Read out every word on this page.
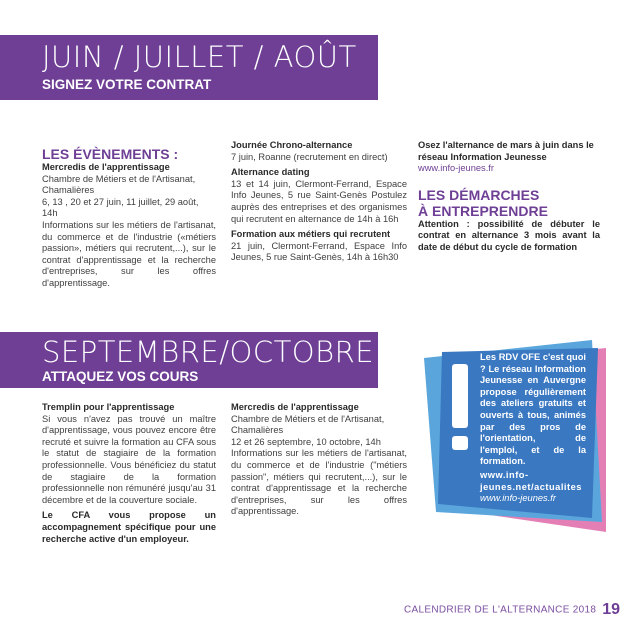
JUIN / JUILLET / AOÛT
SIGNEZ VOTRE CONTRAT

LES ÉVÈNEMENTS :

Mercredis de l'apprentissage

Chambre de Métiers et de l'Artisanat, Chamalières

6, 13 , 20 et 27 juin, 11 juillet, 29 août, 14h

Informations sur les métiers de l'artisanat, du commerce et de l'industrie («métiers passion», métiers qui recrutent,...), sur le contrat d'apprentissage et la recherche d'entreprises, sur les offres d'apprentissage.

Journée Chrono-alternance

7 juin, Roanne (recrutement en direct)

Alternance dating

13 et 14 juin, Clermont-Ferrand, Espace Info Jeunes, 5 rue Saint-Genès Postulez auprès des entreprises et des organismes qui recrutent en alternance de 14h à 16h

Formation aux métiers qui recrutent

21 juin, Clermont-Ferrand, Espace Info Jeunes, 5 rue Saint-Genès, 14h à 16h30

Osez l'alternance de mars à juin dans le réseau Information Jeunesse

www.info-jeunes.fr

LES DÉMARCHES

À ENTREPRENDRE

Attention : possibilité de débuter le contrat en alternance 3 mois avant la date de début du cycle de formation

SEPTEMBRE/OCTOBRE
ATTAQUEZ VOS COURS

Tremplin pour l'apprentissage

Si vous n'avez pas trouvé un maître d'apprentissage, vous pouvez encore être recruté et suivre la formation au CFA sous le statut de stagiaire de la formation professionnelle. Vous bénéficiez du statut de stagiaire de la formation professionnelle non rémunéré jusqu'au 31 décembre et de la couverture sociale.

Le CFA vous propose un accompagnement spécifique pour une recherche active d'un employeur.

Mercredis de l'apprentissage

Chambre de Métiers et de l'Artisanat, Chamalières

12 et 26 septembre, 10 octobre, 14h

Informations sur les métiers de l'artisanat, du commerce et de l'industrie ("métiers passion", métiers qui recrutent,...), sur le contrat d'apprentissage et la recherche d'entreprises, sur les offres d'apprentissage.

Les RDV OFE c'est quoi ? Le réseau Information Jeunesse en Auvergne propose régulièrement des ateliers gratuits et ouverts à tous, animés par des pros de l'orientation, de l'emploi, et de la formation.

www.info-jeunes.net/actualites

www.info-jeunes.fr

CALENDRIER DE L'ALTERNANCE 2018 19
